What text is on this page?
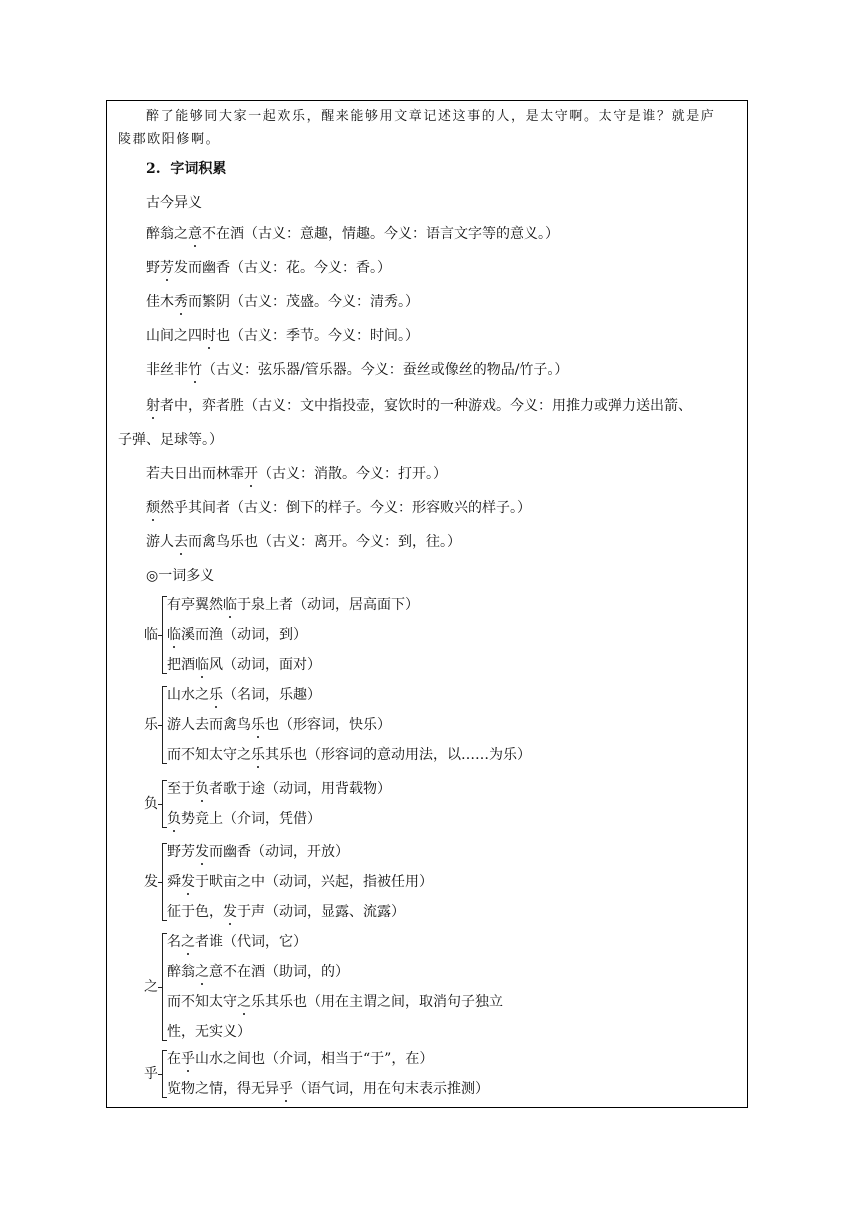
醉了能够同大家一起欢乐，醒来能够用文章记述这事的人，是太守啊。太守是谁？就是庐
陵郡欧阳修啊。
2.  字词积累
古今异义
醉翁之意不在酒（古义：意趣，情趣。今义：语言文字等的意义。）
野芳发而幽香（古义：花。今义：香。）
佳木秀而繁阴（古义：茂盛。今义：清秀。）
山间之四时也（古义：季节。今义：时间。）
非丝非竹（古义：弦乐器/管乐器。今义：蚕丝或像丝的物品/竹子。）
射者中，弈者胜（古义：文中指投壶，宴饮时的一种游戏。今义：用推力或弹力送出箭、
子弹、足球等。）
若夫日出而林霏开（古义：消散。今义：打开。）
颓然乎其间者（古义：倒下的样子。今义：形容败兴的样子。）
游人去而禽鸟乐也（古义：离开。今义：到，往。）
◎一词多义
临
有亭翼然临于泉上者（动词，居高面下）
临溪而渔（动词，到）
把酒临风（动词，面对）
乐
山水之乐（名词，乐趣）
游人去而禽鸟乐也（形容词，快乐）
而不知太守之乐其乐也（形容词的意动用法，以……为乐）
负
至于负者歌于途（动词，用背载物）
负势竞上（介词，凭借）
发
野芳发而幽香（动词，开放）
舜发于畎亩之中（动词，兴起，指被任用）
征于色，发于声（动词，显露、流露）
之
名之者谁（代词，它）
醉翁之意不在酒（助词，的）
而不知太守之乐其乐也（用在主谓之间，取消句子独立
性，无实义）
乎
在乎山水之间也（介词，相当于“于”，在）
览物之情，得无异乎（语气词，用在句末表示推测）
